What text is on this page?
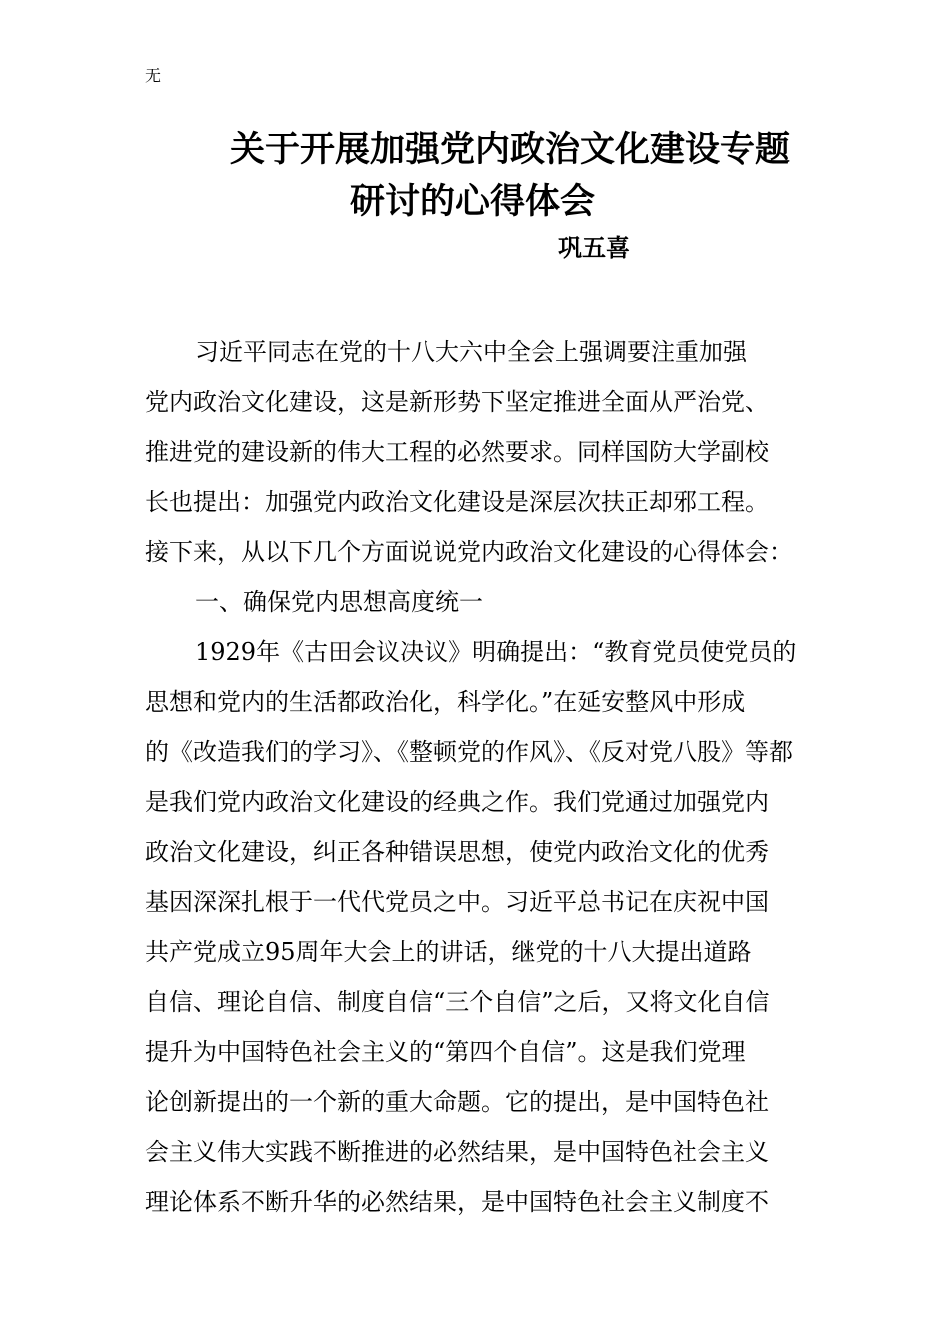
无
关于开展加强党内政治文化建设专题
研讨的心得体会
巩五喜
习近平同志在党的十八大六中全会上强调要注重加强
党内政治文化建设，这是新形势下坚定推进全面从严治党、
推进党的建设新的伟大工程的必然要求。同样国防大学副校
长也提出：加强党内政治文化建设是深层次扶正却邪工程。
接下来，从以下几个方面说说党内政治文化建设的心得体会：
一、确保党内思想高度统一
1929年《古田会议决议》明确提出：“教育党员使党员的
思想和党内的生活都政治化，科学化。”在延安整风中形成
的《改造我们的学习》、《整顿党的作风》、《反对党八股》等都
是我们党内政治文化建设的经典之作。我们党通过加强党内
政治文化建设，纠正各种错误思想，使党内政治文化的优秀
基因深深扎根于一代代党员之中。习近平总书记在庆祝中国
共产党成立95周年大会上的讲话，继党的十八大提出道路
自信、理论自信、制度自信“三个自信”之后，又将文化自信
提升为中国特色社会主义的“第四个自信”。这是我们党理
论创新提出的一个新的重大命题。它的提出，是中国特色社
会主义伟大实践不断推进的必然结果，是中国特色社会主义
理论体系不断升华的必然结果，是中国特色社会主义制度不
